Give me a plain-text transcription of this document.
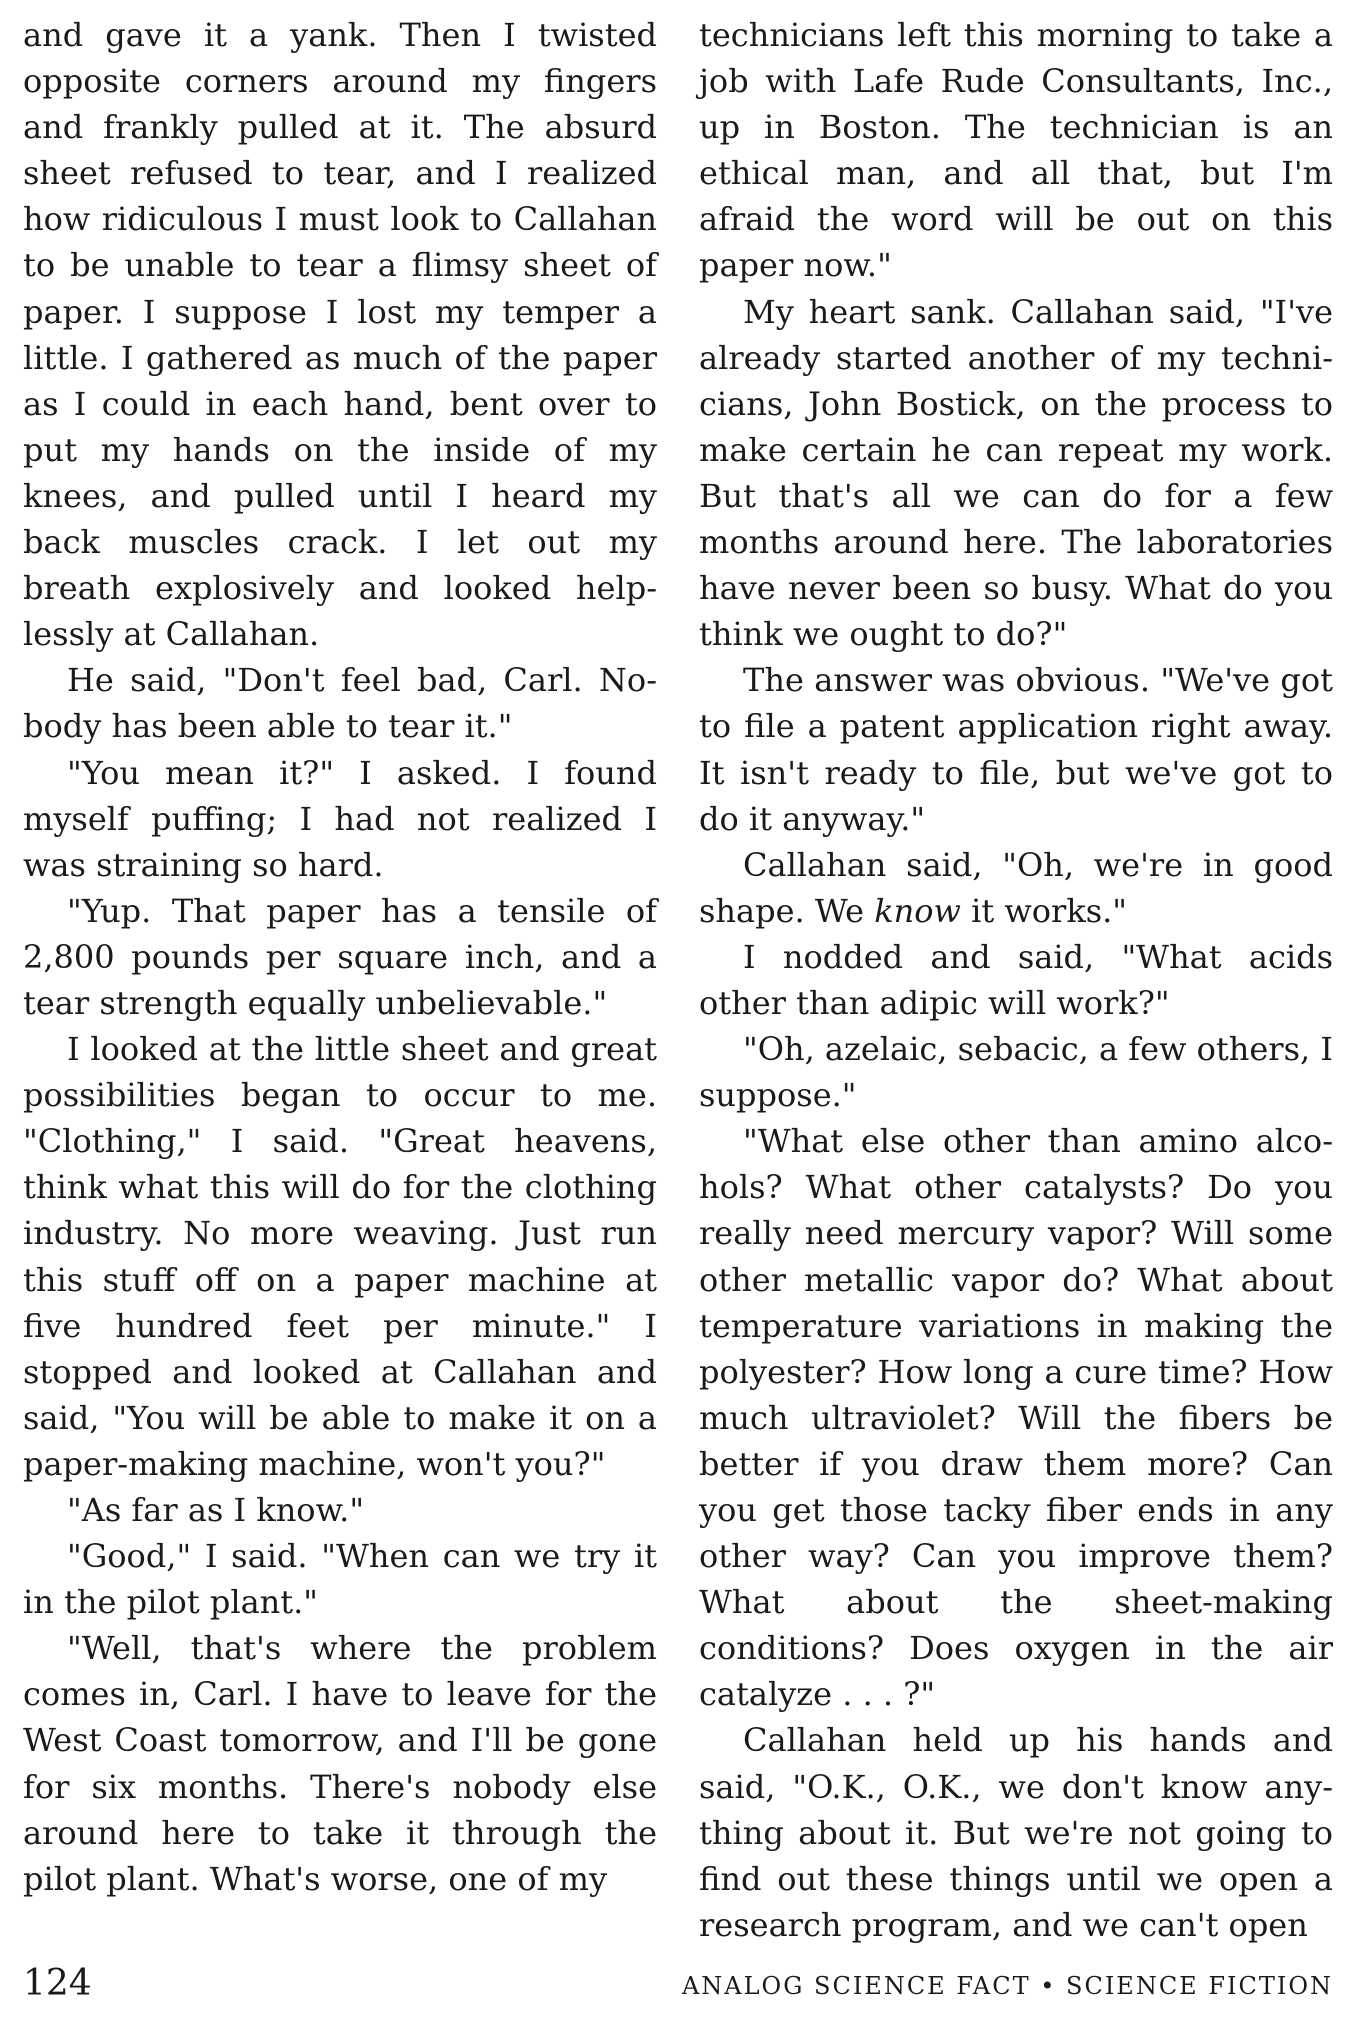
and gave it a yank. Then I twisted opposite corners around my fingers and frankly pulled at it. The absurd sheet refused to tear, and I realized how ridiculous I must look to Callahan to be unable to tear a flimsy sheet of paper. I suppose I lost my temper a little. I gathered as much of the paper as I could in each hand, bent over to put my hands on the inside of my knees, and pulled until I heard my back muscles crack. I let out my breath explosively and looked helplessly at Callahan.

He said, "Don't feel bad, Carl. Nobody has been able to tear it."

"You mean it?" I asked. I found myself puffing; I had not realized I was straining so hard.

"Yup. That paper has a tensile of 2,800 pounds per square inch, and a tear strength equally unbelievable."

I looked at the little sheet and great possibilities began to occur to me. "Clothing," I said. "Great heavens, think what this will do for the clothing industry. No more weaving. Just run this stuff off on a paper machine at five hundred feet per minute." I stopped and looked at Callahan and said, "You will be able to make it on a paper-making machine, won't you?"

"As far as I know."

"Good," I said. "When can we try it in the pilot plant."

"Well, that's where the problem comes in, Carl. I have to leave for the West Coast tomorrow, and I'll be gone for six months. There's nobody else around here to take it through the pilot plant. What's worse, one of my

technicians left this morning to take a job with Lafe Rude Consultants, Inc., up in Boston. The technician is an ethical man, and all that, but I'm afraid the word will be out on this paper now."

My heart sank. Callahan said, "I've already started another of my technicians, John Bostick, on the process to make certain he can repeat my work. But that's all we can do for a few months around here. The laboratories have never been so busy. What do you think we ought to do?"

The answer was obvious. "We've got to file a patent application right away. It isn't ready to file, but we've got to do it anyway."

Callahan said, "Oh, we're in good shape. We know it works."

I nodded and said, "What acids other than adipic will work?"

"Oh, azelaic, sebacic, a few others, I suppose."

"What else other than amino alcohols? What other catalysts? Do you really need mercury vapor? Will some other metallic vapor do? What about temperature variations in making the polyester? How long a cure time? How much ultraviolet? Will the fibers be better if you draw them more? Can you get those tacky fiber ends in any other way? Can you improve them? What about the sheet-making conditions? Does oxygen in the air catalyze . . . ?"

Callahan held up his hands and said, "O.K., O.K., we don't know anything about it. But we're not going to find out these things until we open a research program, and we can't open

124	ANALOG SCIENCE FACT • SCIENCE FICTION
